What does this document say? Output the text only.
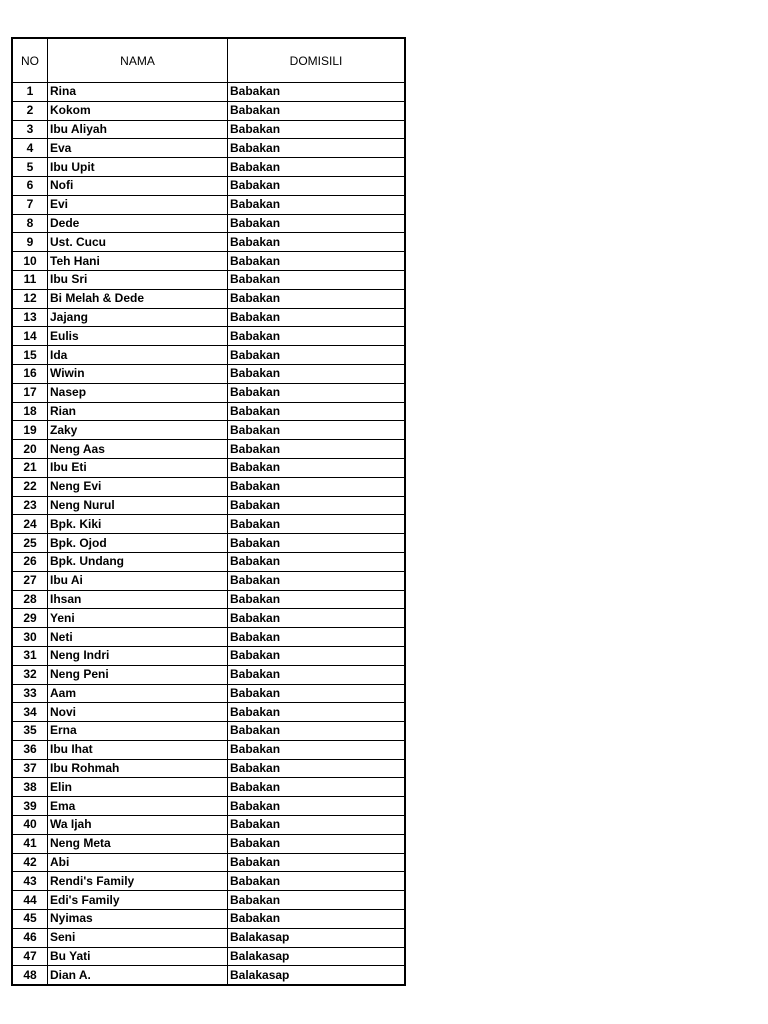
NO	NAMA	DOMISILI
1	Rina	Babakan
2	Kokom	Babakan
3	Ibu Aliyah	Babakan
4	Eva	Babakan
5	Ibu Upit	Babakan
6	Nofi	Babakan
7	Evi	Babakan
8	Dede	Babakan
9	Ust. Cucu	Babakan
10	Teh Hani	Babakan
11	Ibu Sri	Babakan
12	Bi Melah & Dede	Babakan
13	Jajang	Babakan
14	Eulis	Babakan
15	Ida	Babakan
16	Wiwin	Babakan
17	Nasep	Babakan
18	Rian	Babakan
19	Zaky	Babakan
20	Neng Aas	Babakan
21	Ibu Eti	Babakan
22	Neng Evi	Babakan
23	Neng Nurul	Babakan
24	Bpk. Kiki	Babakan
25	Bpk. Ojod	Babakan
26	Bpk. Undang	Babakan
27	Ibu Ai	Babakan
28	Ihsan	Babakan
29	Yeni	Babakan
30	Neti	Babakan
31	Neng Indri	Babakan
32	Neng Peni	Babakan
33	Aam	Babakan
34	Novi	Babakan
35	Erna	Babakan
36	Ibu Ihat	Babakan
37	Ibu Rohmah	Babakan
38	Elin	Babakan
39	Ema	Babakan
40	Wa Ijah	Babakan
41	Neng Meta	Babakan
42	Abi	Babakan
43	Rendi's Family	Babakan
44	Edi's Family	Babakan
45	Nyimas	Babakan
46	Seni	Balakasap
47	Bu Yati	Balakasap
48	Dian A.	Balakasap
